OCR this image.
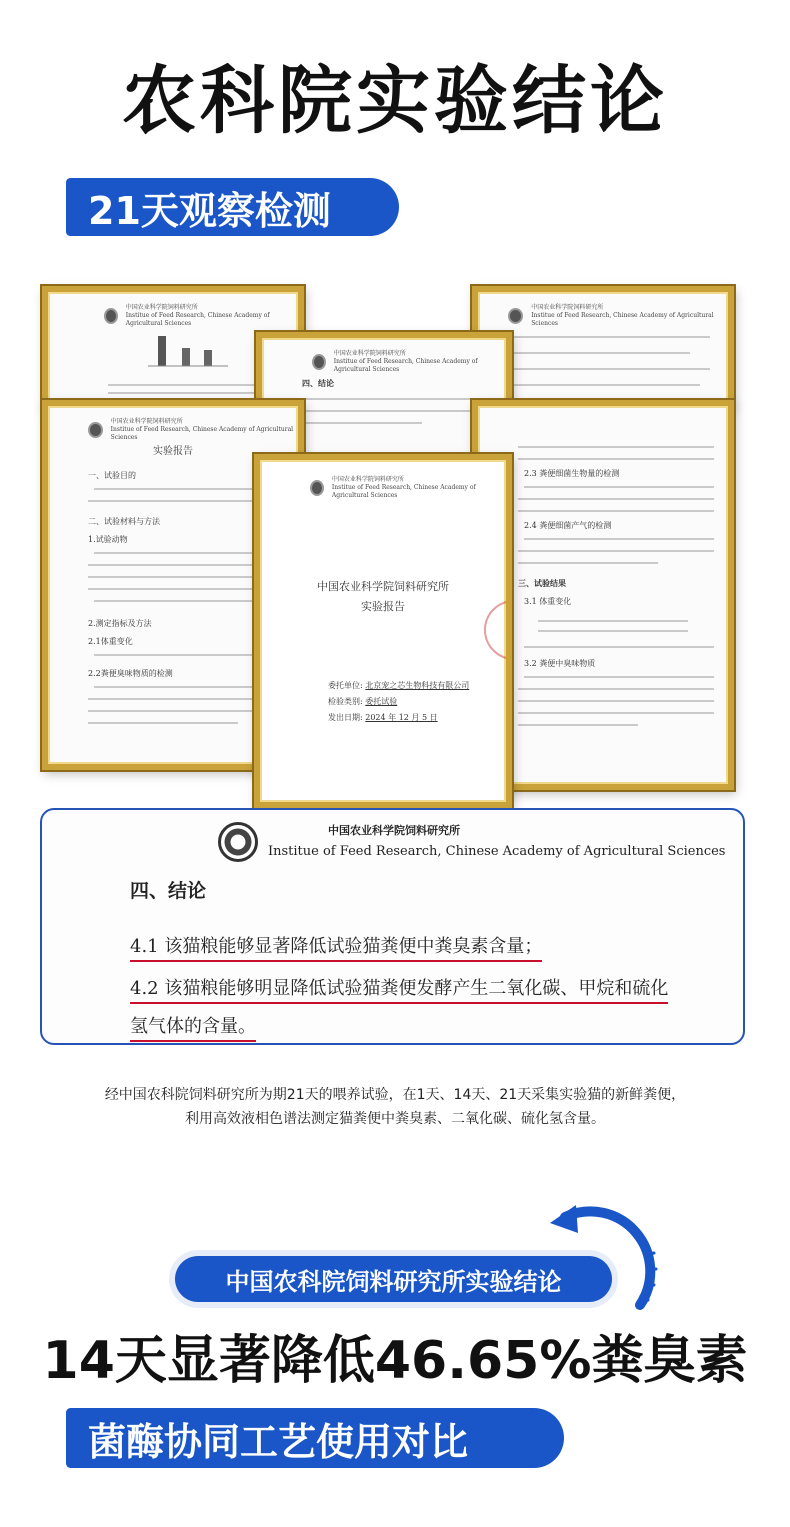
农科院实验结论
21天观察检测
中国农业科学院饲料研究所
Institue of Feed Research, Chinese Academy of Agricultural Sciences
中国农业科学院饲料研究所
Institue of Feed Research, Chinese Academy of Agricultural Sciences
中国农业科学院饲料研究所
Institue of Feed Research, Chinese Academy of Agricultural Sciences
四、结论
中国农业科学院饲料研究所
Institue of Feed Research, Chinese Academy of Agricultural Sciences
实验报告
一、试验目的
二、试验材料与方法
1.试验动物
2.测定指标及方法
2.1体重变化
2.2粪便臭味物质的检测
2.3 粪便细菌生物量的检测
2.4 粪便细菌产气的检测
三、试验结果
3.1 体重变化
3.2 粪便中臭味物质
中国农业科学院饲料研究所
Institue of Feed Research, Chinese Academy of Agricultural Sciences
中国农业科学院饲料研究所
实验报告
委托单位: 北京宠之芯生物科技有限公司
检验类别: 委托试验
发出日期: 2024 年 12 月 5 日
中国农业科学院饲料研究所
Institue of Feed Research, Chinese Academy of Agricultural Sciences
四、结论
4.1 该猫粮能够显著降低试验猫粪便中粪臭素含量；
4.2 该猫粮能够明显降低试验猫粪便发酵产生二氧化碳、甲烷和硫化
氢气体的含量。
经中国农科院饲料研究所为期21天的喂养试验，在1天、14天、21天采集实验猫的新鲜粪便，
利用高效液相色谱法测定猫粪便中粪臭素、二氧化碳、硫化氢含量。
中国农科院饲料研究所实验结论
14天显著降低46.65%粪臭素
菌酶协同工艺使用对比
